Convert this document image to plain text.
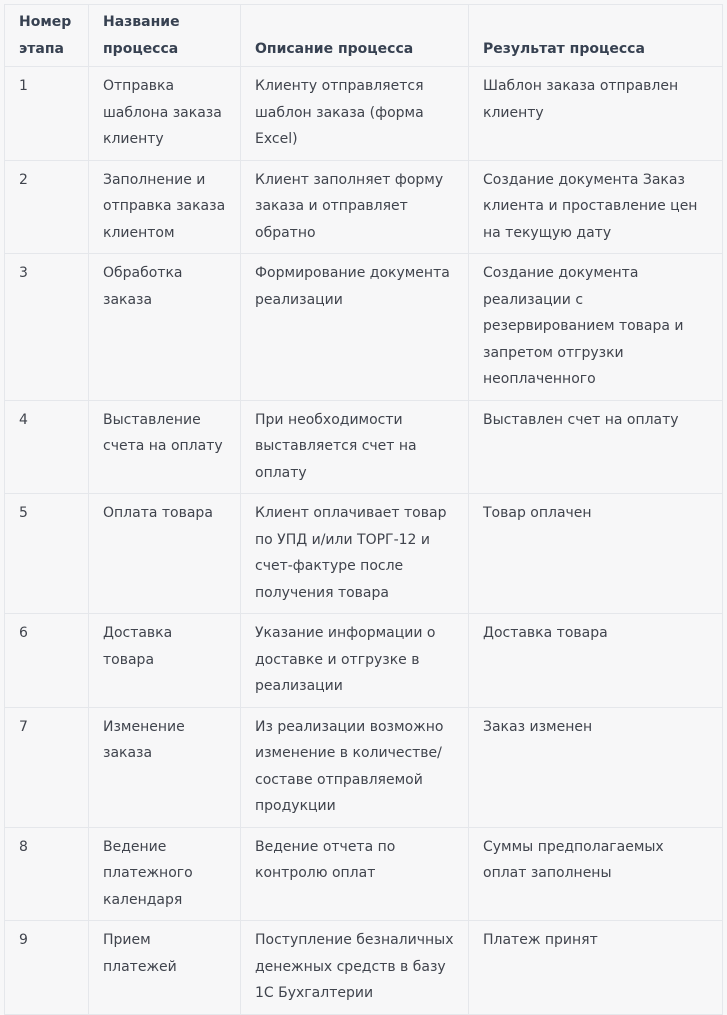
Номер этапа	Название процесса	Описание процесса	Результат процесса
1	Отправка шаблона заказа клиенту	Клиенту отправляется шаблон заказа (форма Excel)	Шаблон заказа отправлен клиенту
2	Заполнение и отправка заказа клиентом	Клиент заполняет форму заказа и отправляет обратно	Создание документа Заказ клиента и проставление цен на текущую дату
3	Обработка заказа	Формирование документа реализации	Создание документа реализации с резервированием товара и запретом отгрузки неоплаченного
4	Выставление счета на оплату	При необходимости выставляется счет на оплату	Выставлен счет на оплату
5	Оплата товара	Клиент оплачивает товар по УПД и/или ТОРГ-12 и счет-фактуре после получения товара	Товар оплачен
6	Доставка товара	Указание информации о доставке и отгрузке в реализации	Доставка товара
7	Изменение заказа	Из реализации возможно изменение в количестве/составе отправляемой продукции	Заказ изменен
8	Ведение платежного календаря	Ведение отчета по контролю оплат	Суммы предполагаемых оплат заполнены
9	Прием платежей	Поступление безналичных денежных средств в базу 1С Бухгалтерии	Платеж принят
